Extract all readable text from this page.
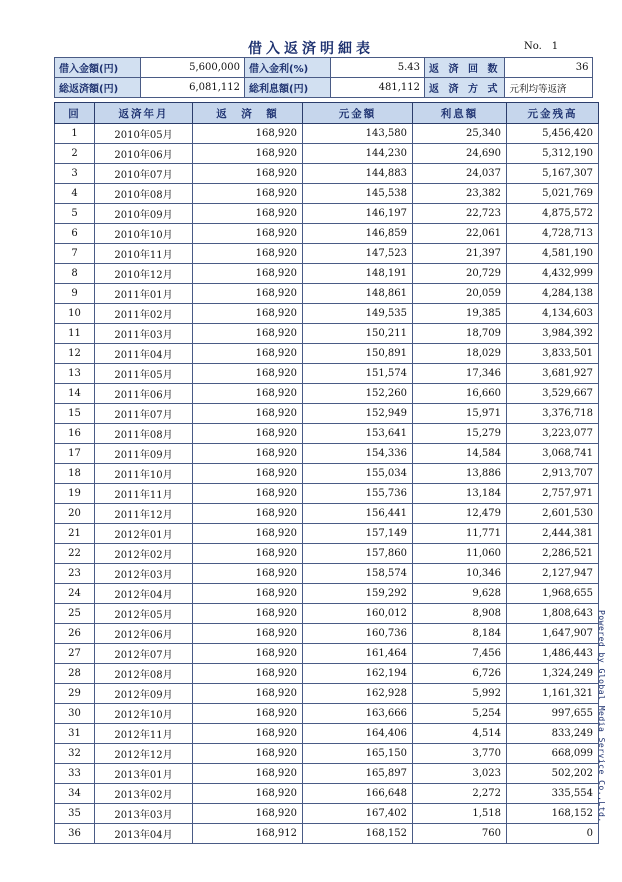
借入返済明細表	No. 1
借入金額(円)	5,600,000	借入金利(%)	5.43	返 済 回 数	36
総返済額(円)	6,081,112	総利息額(円)	481,112	返 済 方 式	元利均等返済
回	返済年月	返　済　額	元金額	利息額	元金残高
1	2010年05月	168,920	143,580	25,340	5,456,420
2	2010年06月	168,920	144,230	24,690	5,312,190
3	2010年07月	168,920	144,883	24,037	5,167,307
4	2010年08月	168,920	145,538	23,382	5,021,769
5	2010年09月	168,920	146,197	22,723	4,875,572
6	2010年10月	168,920	146,859	22,061	4,728,713
7	2010年11月	168,920	147,523	21,397	4,581,190
8	2010年12月	168,920	148,191	20,729	4,432,999
9	2011年01月	168,920	148,861	20,059	4,284,138
10	2011年02月	168,920	149,535	19,385	4,134,603
11	2011年03月	168,920	150,211	18,709	3,984,392
12	2011年04月	168,920	150,891	18,029	3,833,501
13	2011年05月	168,920	151,574	17,346	3,681,927
14	2011年06月	168,920	152,260	16,660	3,529,667
15	2011年07月	168,920	152,949	15,971	3,376,718
16	2011年08月	168,920	153,641	15,279	3,223,077
17	2011年09月	168,920	154,336	14,584	3,068,741
18	2011年10月	168,920	155,034	13,886	2,913,707
19	2011年11月	168,920	155,736	13,184	2,757,971
20	2011年12月	168,920	156,441	12,479	2,601,530
21	2012年01月	168,920	157,149	11,771	2,444,381
22	2012年02月	168,920	157,860	11,060	2,286,521
23	2012年03月	168,920	158,574	10,346	2,127,947
24	2012年04月	168,920	159,292	9,628	1,968,655
25	2012年05月	168,920	160,012	8,908	1,808,643
26	2012年06月	168,920	160,736	8,184	1,647,907
27	2012年07月	168,920	161,464	7,456	1,486,443
28	2012年08月	168,920	162,194	6,726	1,324,249
29	2012年09月	168,920	162,928	5,992	1,161,321
30	2012年10月	168,920	163,666	5,254	997,655
31	2012年11月	168,920	164,406	4,514	833,249
32	2012年12月	168,920	165,150	3,770	668,099
33	2013年01月	168,920	165,897	3,023	502,202
34	2013年02月	168,920	166,648	2,272	335,554
35	2013年03月	168,920	167,402	1,518	168,152
36	2013年04月	168,912	168,152	760	0
Powered by Global Media Service Co.,Ltd.
